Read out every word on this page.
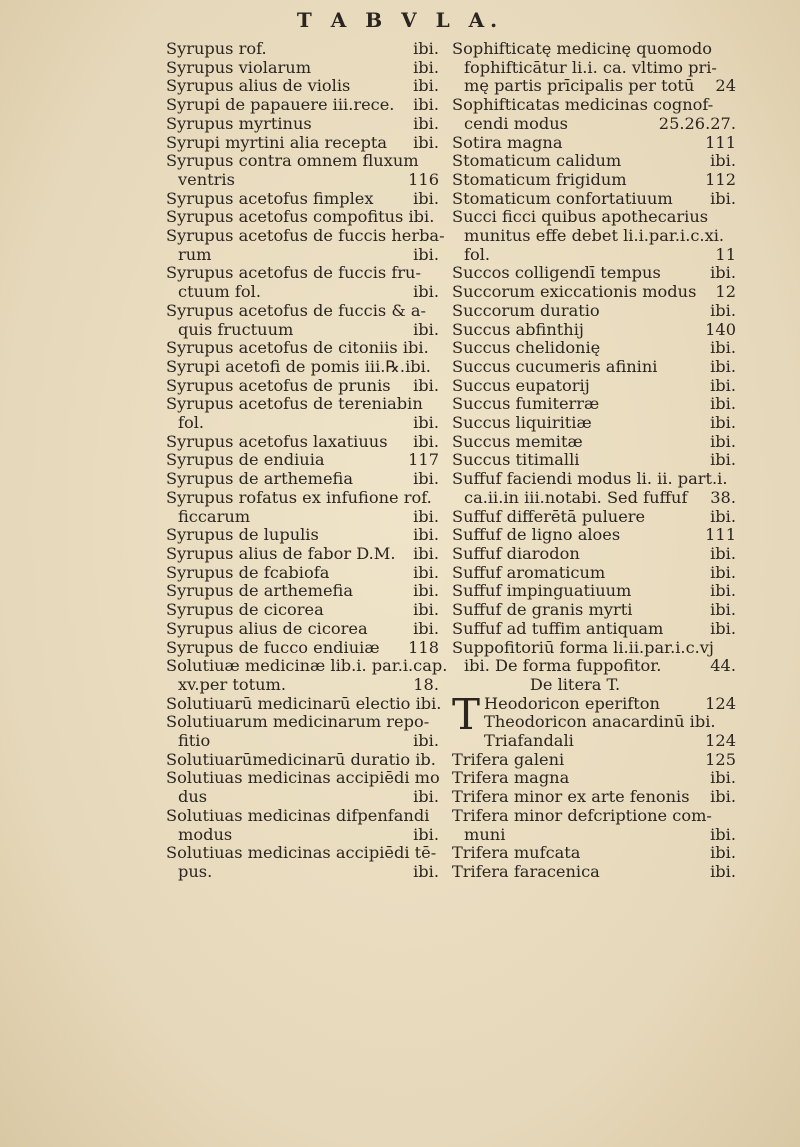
T A B V L A.
Syrupus rof.	ibi.
Syrupus violarum	ibi.
Syrupus alius de violis	ibi.
Syrupi de papauere iii.rece. ibi.
Syrupus myrtinus	ibi.
Syrupi myrtini alia recepta ibi.
Syrupus contra omnem fluxum
ventris	116
Syrupus acetofus fimplex ibi.
Syrupus acetofus compofitus ibi.
Syrupus acetofus de fuccis herba-
rum	ibi.
Syrupus acetofus de fuccis fru-
ctuum fol.	ibi.
Syrupus acetofus de fuccis & a-
quis fructuum	ibi.
Syrupus acetofus de citoniis ibi.
Syrupi acetofi de pomis iii.℞.ibi.
Syrupus acetofus de prunis ibi.
Syrupus acetofus de tereniabin
fol.	ibi.
Syrupus acetofus laxatiuus ibi.
Syrupus de endiuia	117
Syrupus de arthemefia	ibi.
Syrupus rofatus ex infufione rof.
ficcarum	ibi.
Syrupus de lupulis	ibi.
Syrupus alius de fabor D.M. ibi.
Syrupus de fcabiofa	ibi.
Syrupus de arthemefia	ibi.
Syrupus de cicorea	ibi.
Syrupus alius de cicorea	ibi.
Syrupus de fucco endiuiæ 118
Solutiuæ medicinæ lib.i. par.i.cap.
xv.per totum.	18.
Solutiuarū medicinarū electio ibi.
Solutiuarum medicinarum repo-
fitio	ibi.
Solutiuarūmedicinarū duratio ib.
Solutiuas medicinas accipiēdi mo
dus	ibi.
Solutiuas medicinas difpenfandi
modus	ibi.
Solutiuas medicinas accipiēdi tē-
pus.	ibi.
Sophifticatę medicinę quomodo
fophifticātur li.i. ca. vltimo pri-
mę partis prīcipalis per totū 24
Sophifticatas medicinas cognof-
cendi modus	25.26.27.
Sotira magna	111
Stomaticum calidum	ibi.
Stomaticum frigidum	112
Stomaticum confortatiuum ibi.
Succi ficci quibus apothecarius
munitus effe debet li.i.par.i.c.xi.
fol.	11
Succos colligendī tempus	ibi.
Succorum exiccationis modus 12
Succorum duratio	ibi.
Succus abfinthij	140
Succus chelidonię	ibi.
Succus cucumeris afinini	ibi.
Succus eupatorij	ibi.
Succus fumiterræ	ibi.
Succus liquiritiæ	ibi.
Succus memitæ	ibi.
Succus titimalli	ibi.
Suffuf faciendi modus li. ii. part.i.
ca.ii.in iii.notabi. Sed fuffuf 38.
Suffuf differētā puluere	ibi.
Suffuf de ligno aloes	111
Suffuf diarodon	ibi.
Suffuf aromaticum	ibi.
Suffuf impinguatiuum	ibi.
Suffuf de granis myrti	ibi.
Suffuf ad tuffim antiquam	ibi.
Suppofitoriū forma li.ii.par.i.c.vj
ibi. De forma fuppofitor.	44.
De litera T.
T Heodoricon eperifton	124
Theodoricon anacardinū ibi.
Triafandali	124
Trifera galeni	125
Trifera magna	ibi.
Trifera minor ex arte fenonis ibi.
Trifera minor defcriptione com-
muni	ibi.
Trifera mufcata	ibi.
Trifera faracenica	ibi.
